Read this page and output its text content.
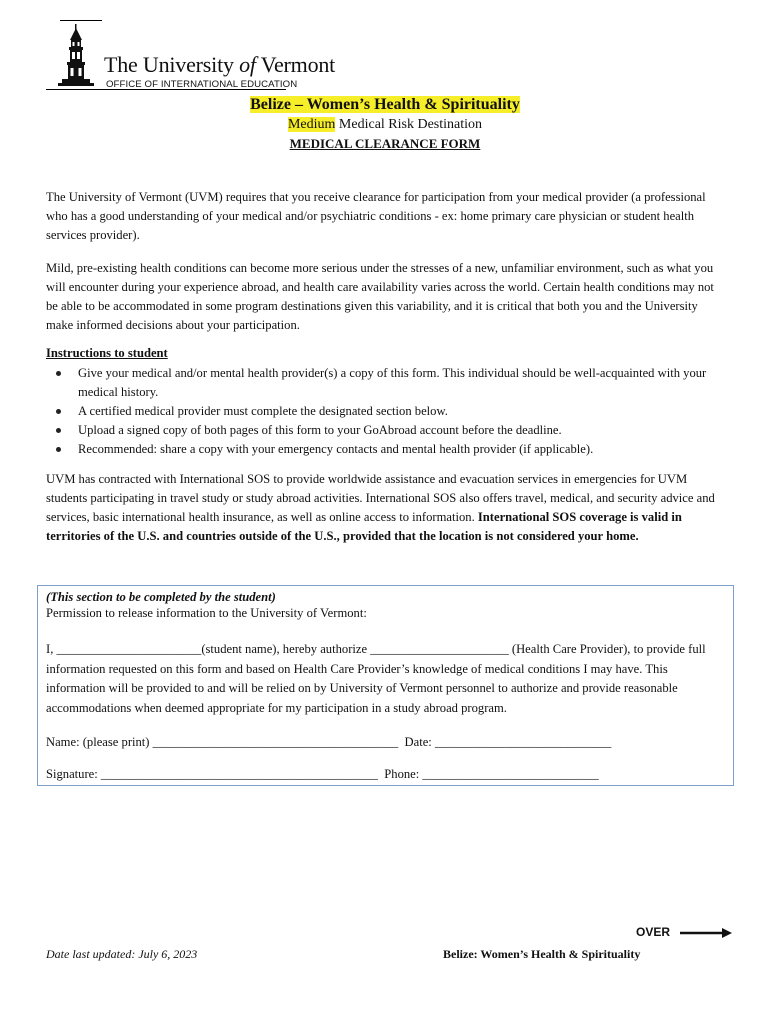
The University of Vermont
OFFICE OF INTERNATIONAL EDUCATION
Belize – Women’s Health & Spirituality
Medium Medical Risk Destination
MEDICAL CLEARANCE FORM
The University of Vermont (UVM) requires that you receive clearance for participation from your medical provider (a professional who has a good understanding of your medical and/or psychiatric conditions - ex: home primary care physician or student health services provider).
Mild, pre-existing health conditions can become more serious under the stresses of a new, unfamiliar environment, such as what you will encounter during your experience abroad, and health care availability varies across the world. Certain health conditions may not be able to be accommodated in some program destinations given this variability, and it is critical that both you and the University make informed decisions about your participation.
Instructions to student
Give your medical and/or mental health provider(s) a copy of this form. This individual should be well-acquainted with your medical history.
A certified medical provider must complete the designated section below.
Upload a signed copy of both pages of this form to your GoAbroad account before the deadline.
Recommended: share a copy with your emergency contacts and mental health provider (if applicable).
UVM has contracted with International SOS to provide worldwide assistance and evacuation services in emergencies for UVM students participating in travel study or study abroad activities. International SOS also offers travel, medical, and security advice and services, basic international health insurance, as well as online access to information. International SOS coverage is valid in territories of the U.S. and countries outside of the U.S., provided that the location is not considered your home.
(This section to be completed by the student)
Permission to release information to the University of Vermont:
I, _______________________(student name), hereby authorize ______________________ (Health Care Provider), to provide full information requested on this form and based on Health Care Provider’s knowledge of medical conditions I may have. This information will be provided to and will be relied on by University of Vermont personnel to authorize and provide reasonable accommodations when deemed appropriate for my participation in a study abroad program.
Name: (please print) _______________________________________ Date: ____________________________
Signature: ____________________________________________ Phone: ____________________________
OVER
Date last updated: July 6, 2023	Belize: Women’s Health & Spirituality
